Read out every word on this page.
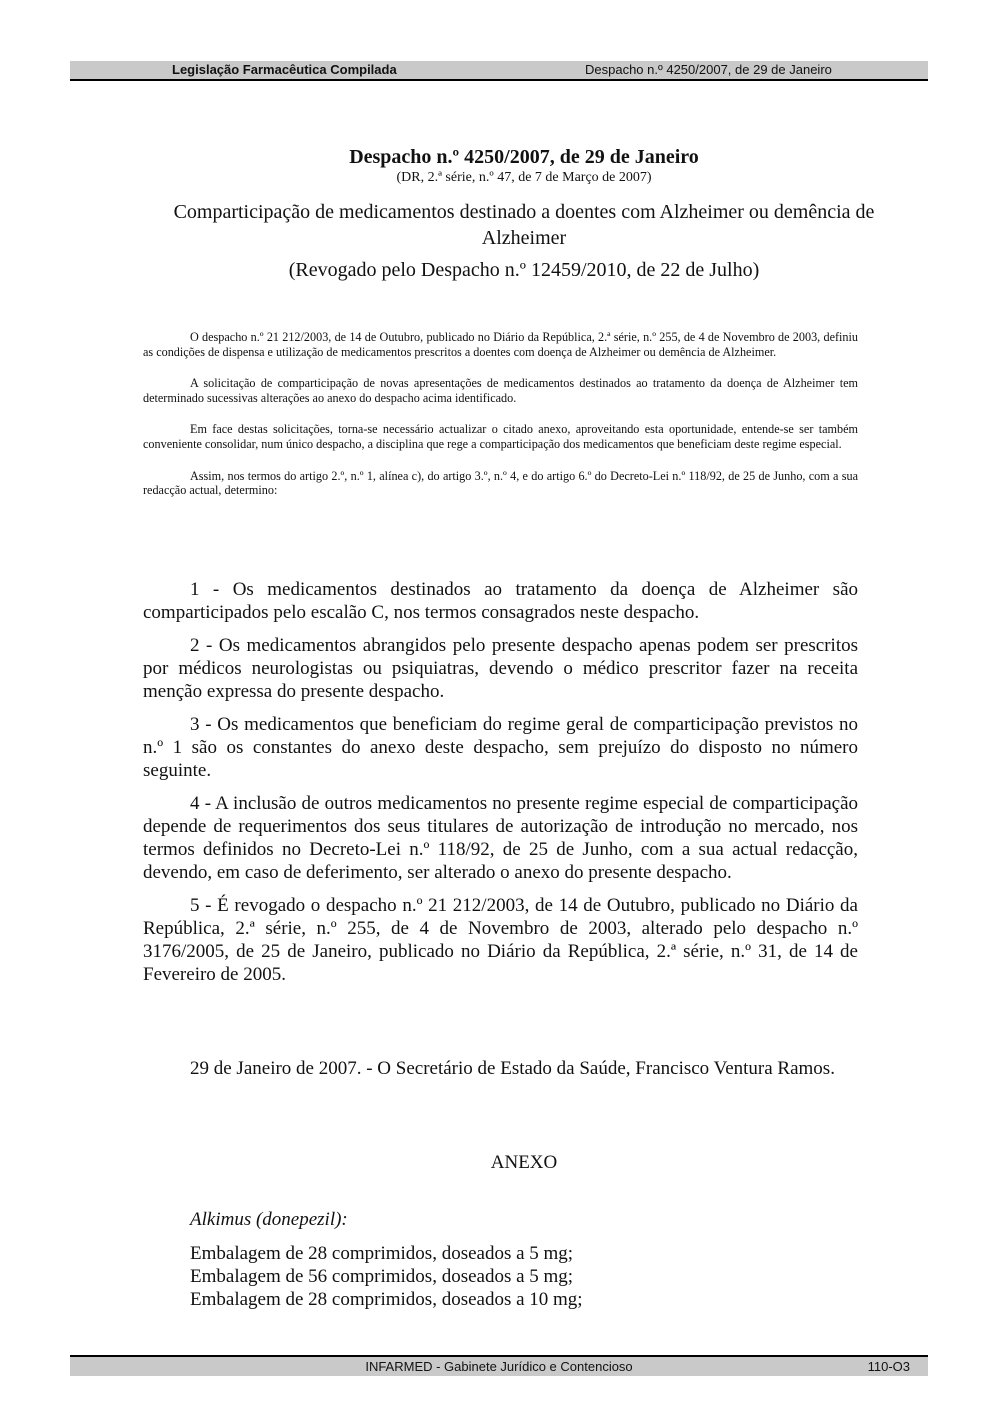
Legislação Farmacêutica Compilada	Despacho n.º 4250/2007, de 29 de Janeiro
Despacho n.º 4250/2007, de 29 de Janeiro
(DR, 2.ª série, n.º 47, de 7 de Março de 2007)
Comparticipação de medicamentos destinado a doentes com Alzheimer ou demência de Alzheimer
(Revogado pelo Despacho n.º 12459/2010, de 22 de Julho)

O despacho n.º 21 212/2003, de 14 de Outubro, publicado no Diário da República, 2.ª série, n.º 255, de 4 de Novembro de 2003, definiu as condições de dispensa e utilização de medicamentos prescritos a doentes com doença de Alzheimer ou demência de Alzheimer.

A solicitação de comparticipação de novas apresentações de medicamentos destinados ao tratamento da doença de Alzheimer tem determinado sucessivas alterações ao anexo do despacho acima identificado.

Em face destas solicitações, torna-se necessário actualizar o citado anexo, aproveitando esta oportunidade, entende-se ser também conveniente consolidar, num único despacho, a disciplina que rege a comparticipação dos medicamentos que beneficiam deste regime especial.

Assim, nos termos do artigo 2.º, n.º 1, alínea c), do artigo 3.º, n.º 4, e do artigo 6.º do Decreto-Lei n.º 118/92, de 25 de Junho, com a sua redacção actual, determino:

1 - Os medicamentos destinados ao tratamento da doença de Alzheimer são comparticipados pelo escalão C, nos termos consagrados neste despacho.

2 - Os medicamentos abrangidos pelo presente despacho apenas podem ser prescritos por médicos neurologistas ou psiquiatras, devendo o médico prescritor fazer na receita menção expressa do presente despacho.

3 - Os medicamentos que beneficiam do regime geral de comparticipação previstos no n.º 1 são os constantes do anexo deste despacho, sem prejuízo do disposto no número seguinte.

4 - A inclusão de outros medicamentos no presente regime especial de comparticipação depende de requerimentos dos seus titulares de autorização de introdução no mercado, nos termos definidos no Decreto-Lei n.º 118/92, de 25 de Junho, com a sua actual redacção, devendo, em caso de deferimento, ser alterado o anexo do presente despacho.

5 - É revogado o despacho n.º 21 212/2003, de 14 de Outubro, publicado no Diário da República, 2.ª série, n.º 255, de 4 de Novembro de 2003, alterado pelo despacho n.º 3176/2005, de 25 de Janeiro, publicado no Diário da República, 2.ª série, n.º 31, de 14 de Fevereiro de 2005.

29 de Janeiro de 2007. - O Secretário de Estado da Saúde, Francisco Ventura Ramos.

ANEXO
Alkimus (donepezil):
Embalagem de 28 comprimidos, doseados a 5 mg;
Embalagem de 56 comprimidos, doseados a 5 mg;
Embalagem de 28 comprimidos, doseados a 10 mg;
INFARMED - Gabinete Jurídico e Contencioso	110-O3
